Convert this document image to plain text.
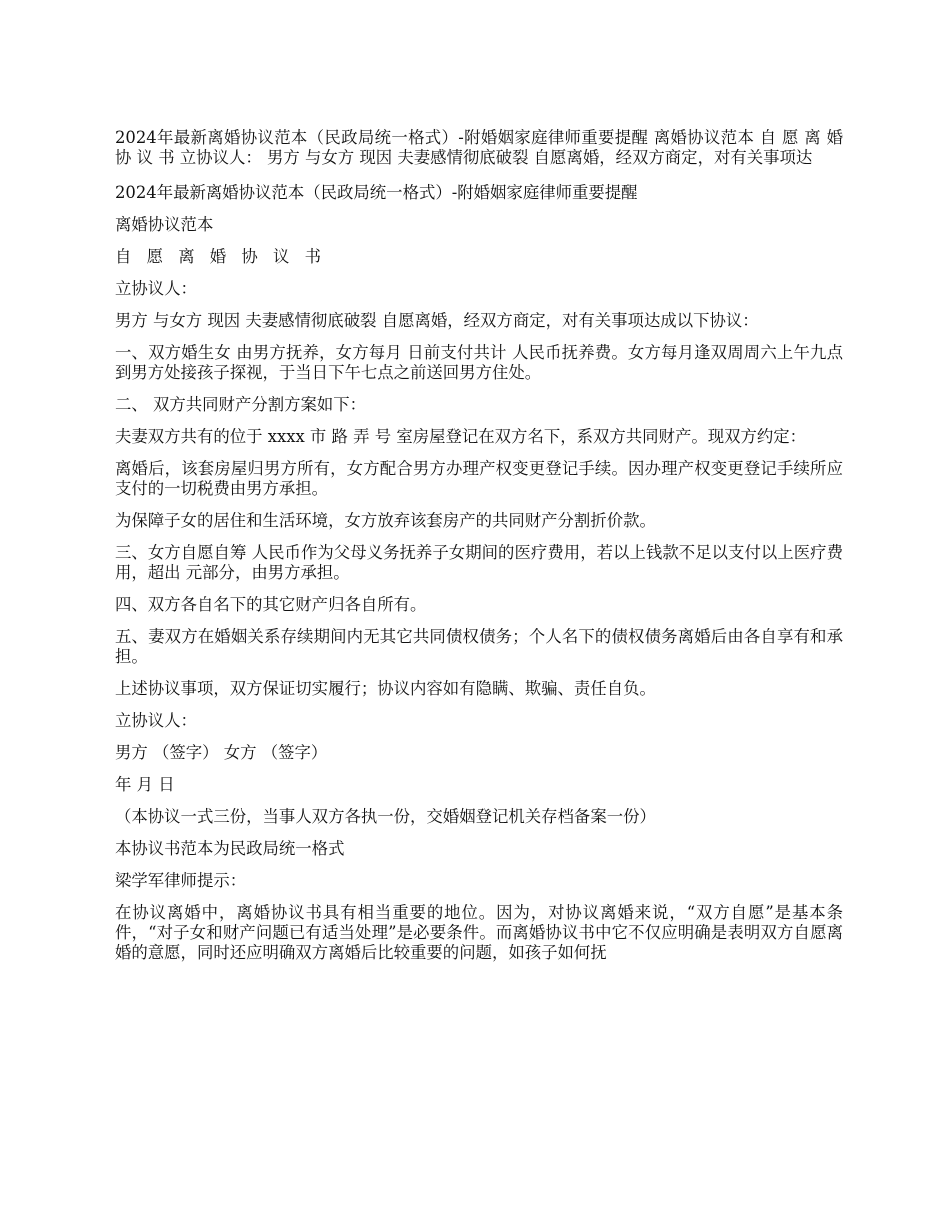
2024年最新离婚协议范本（民政局统一格式）-附婚姻家庭律师重要提醒 离婚协议范本 自 愿 离 婚 协 议 书 立协议人： 男方 与女方 现因 夫妻感情彻底破裂 自愿离婚，经双方商定，对有关事项达

2024年最新离婚协议范本（民政局统一格式）-附婚姻家庭律师重要提醒

离婚协议范本

自 愿 离 婚 协 议 书

立协议人：

男方 与女方 现因 夫妻感情彻底破裂 自愿离婚，经双方商定，对有关事项达成以下协议：

一、双方婚生女 由男方抚养，女方每月 日前支付共计 人民币抚养费。女方每月逢双周周六上午九点到男方处接孩子探视，于当日下午七点之前送回男方住处。

二、 双方共同财产分割方案如下：

夫妻双方共有的位于 xxxx 市 路 弄 号 室房屋登记在双方名下，系双方共同财产。现双方约定：

离婚后，该套房屋归男方所有，女方配合男方办理产权变更登记手续。因办理产权变更登记手续所应支付的一切税费由男方承担。

为保障子女的居住和生活环境，女方放弃该套房产的共同财产分割折价款。

三、女方自愿自筹 人民币作为父母义务抚养子女期间的医疗费用，若以上钱款不足以支付以上医疗费用，超出 元部分，由男方承担。

四、双方各自名下的其它财产归各自所有。

五、妻双方在婚姻关系存续期间内无其它共同债权债务；个人名下的债权债务离婚后由各自享有和承担。

上述协议事项，双方保证切实履行；协议内容如有隐瞒、欺骗、责任自负。

立协议人：

男方 （签字） 女方 （签字）

年 月 日

（本协议一式三份，当事人双方各执一份，交婚姻登记机关存档备案一份）

本协议书范本为民政局统一格式

梁学军律师提示：

在协议离婚中，离婚协议书具有相当重要的地位。因为，对协议离婚来说，“双方自愿”是基本条件，“对子女和财产问题已有适当处理”是必要条件。而离婚协议书中它不仅应明确是表明双方自愿离婚的意愿，同时还应明确双方离婚后比较重要的问题，如孩子如何抚
